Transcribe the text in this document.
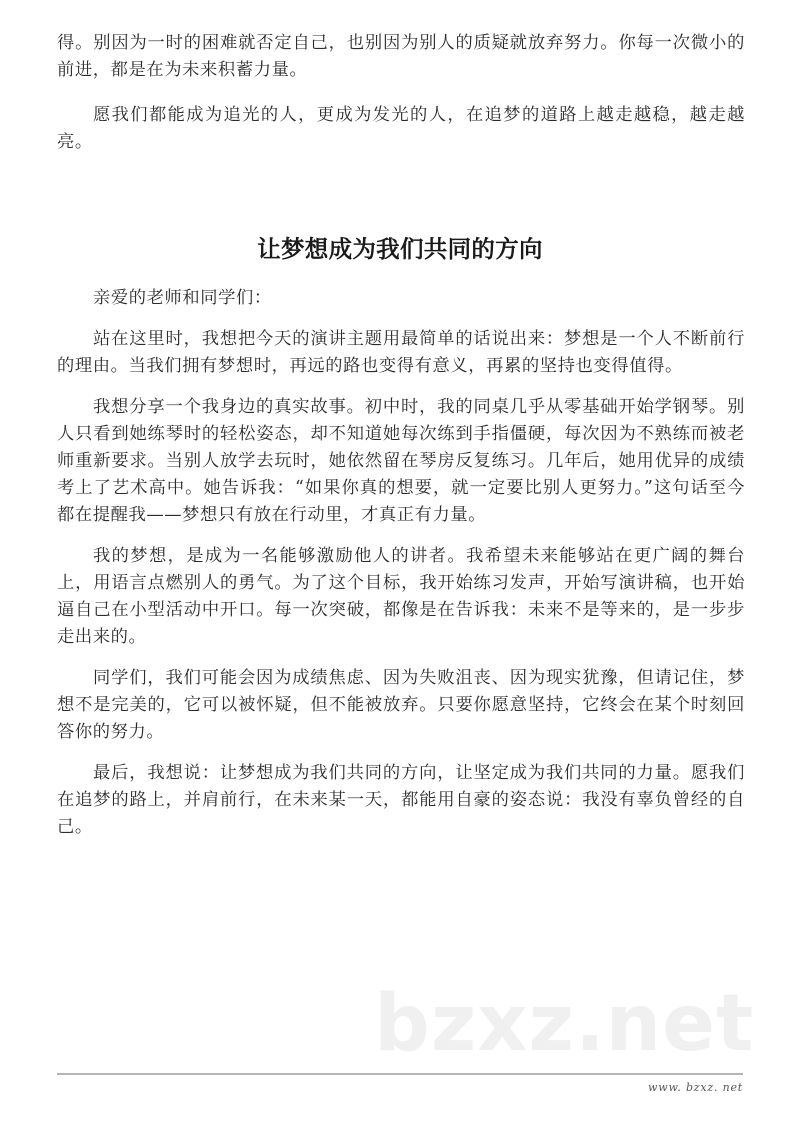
得。别因为一时的困难就否定自己，也别因为别人的质疑就放弃努力。你每一次微小的前进，都是在为未来积蓄力量。

愿我们都能成为追光的人，更成为发光的人，在追梦的道路上越走越稳，越走越亮。

让梦想成为我们共同的方向

亲爱的老师和同学们：

站在这里时，我想把今天的演讲主题用最简单的话说出来：梦想是一个人不断前行的理由。当我们拥有梦想时，再远的路也变得有意义，再累的坚持也变得值得。

我想分享一个我身边的真实故事。初中时，我的同桌几乎从零基础开始学钢琴。别人只看到她练琴时的轻松姿态，却不知道她每次练到手指僵硬，每次因为不熟练而被老师重新要求。当别人放学去玩时，她依然留在琴房反复练习。几年后，她用优异的成绩考上了艺术高中。她告诉我：“如果你真的想要，就一定要比别人更努力。”这句话至今都在提醒我——梦想只有放在行动里，才真正有力量。

我的梦想，是成为一名能够激励他人的讲者。我希望未来能够站在更广阔的舞台上，用语言点燃别人的勇气。为了这个目标，我开始练习发声，开始写演讲稿，也开始逼自己在小型活动中开口。每一次突破，都像是在告诉我：未来不是等来的，是一步步走出来的。

同学们，我们可能会因为成绩焦虑、因为失败沮丧、因为现实犹豫，但请记住，梦想不是完美的，它可以被怀疑，但不能被放弃。只要你愿意坚持，它终会在某个时刻回答你的努力。

最后，我想说：让梦想成为我们共同的方向，让坚定成为我们共同的力量。愿我们在追梦的路上，并肩前行，在未来某一天，都能用自豪的姿态说：我没有辜负曾经的自己。

bzxz.net
www. bzxz. net
